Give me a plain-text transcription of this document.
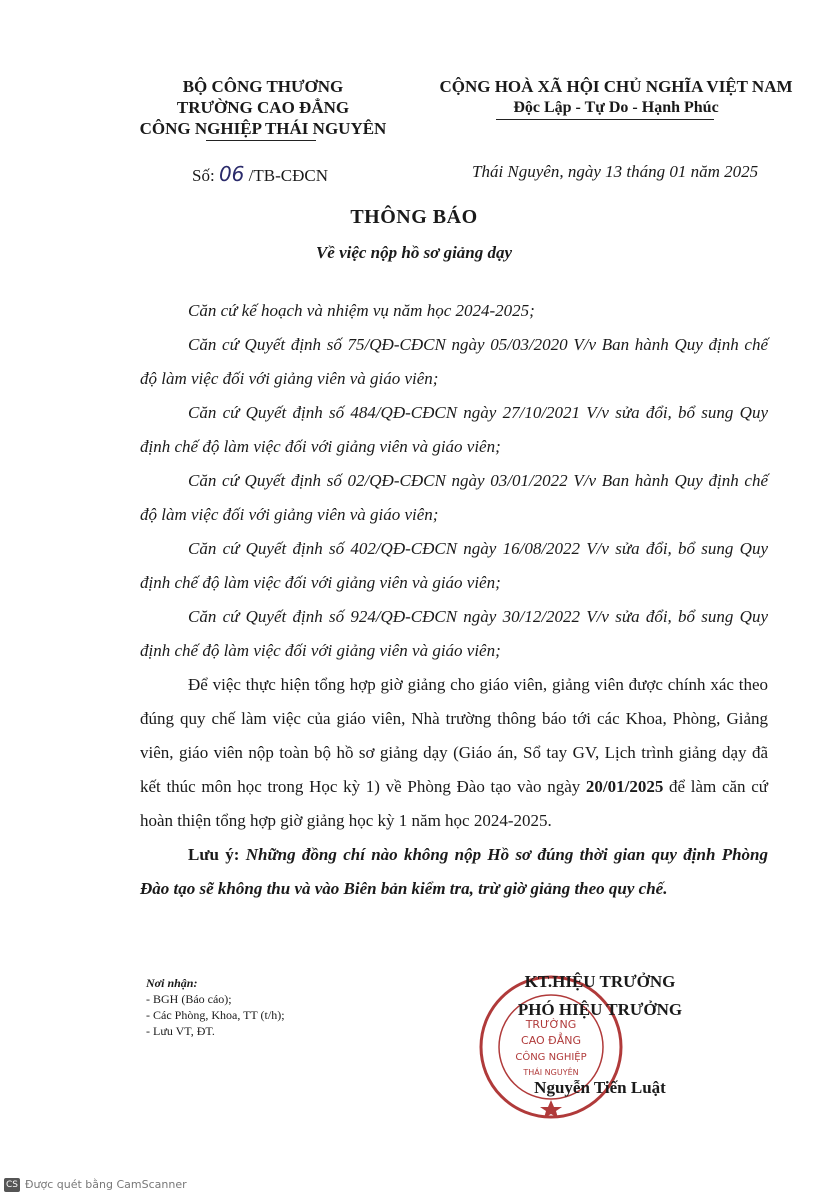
BỘ CÔNG THƯƠNG
TRƯỜNG CAO ĐẲNG
CÔNG NGHIỆP THÁI NGUYÊN
CỘNG HOÀ XÃ HỘI CHỦ NGHĨA VIỆT NAM
Độc Lập - Tự Do - Hạnh Phúc
Số: 06 /TB-CĐCN	Thái Nguyên, ngày 13 tháng 01 năm 2025
THÔNG BÁO
Về việc nộp hồ sơ giảng dạy

Căn cứ kế hoạch và nhiệm vụ năm học 2024-2025;

Căn cứ Quyết định số 75/QĐ-CĐCN ngày 05/03/2020 V/v Ban hành Quy định chế độ làm việc đối với giảng viên và giáo viên;

Căn cứ Quyết định số 484/QĐ-CĐCN ngày 27/10/2021 V/v sửa đổi, bổ sung Quy định chế độ làm việc đối với giảng viên và giáo viên;

Căn cứ Quyết định số 02/QĐ-CĐCN ngày 03/01/2022 V/v Ban hành Quy định chế độ làm việc đối với giảng viên và giáo viên;

Căn cứ Quyết định số 402/QĐ-CĐCN ngày 16/08/2022 V/v sửa đổi, bổ sung Quy định chế độ làm việc đối với giảng viên và giáo viên;

Căn cứ Quyết định số 924/QĐ-CĐCN ngày 30/12/2022 V/v sửa đổi, bổ sung Quy định chế độ làm việc đối với giảng viên và giáo viên;

Để việc thực hiện tổng hợp giờ giảng cho giáo viên, giảng viên được chính xác theo đúng quy chế làm việc của giáo viên, Nhà trường thông báo tới các Khoa, Phòng, Giảng viên, giáo viên nộp toàn bộ hồ sơ giảng dạy (Giáo án, Sổ tay GV, Lịch trình giảng dạy đã kết thúc môn học trong Học kỳ 1) về Phòng Đào tạo vào ngày 20/01/2025 để làm căn cứ hoàn thiện tổng hợp giờ giảng học kỳ 1 năm học 2024-2025.

Lưu ý: Những đồng chí nào không nộp Hồ sơ đúng thời gian quy định Phòng Đào tạo sẽ không thu và vào Biên bản kiểm tra, trừ giờ giảng theo quy chế.

Nơi nhận:
- BGH (Báo cáo);
- Các Phòng, Khoa, TT (t/h);
- Lưu VT, ĐT.	TRƯỜNG
CAO ĐẲNG
CÔNG NGHIỆP
THÁI NGUYÊN
KT.HIỆU TRƯỞNG
PHÓ HIỆU TRƯỞNG
Nguyễn Tiến Luật
CS Được quét bằng CamScanner
